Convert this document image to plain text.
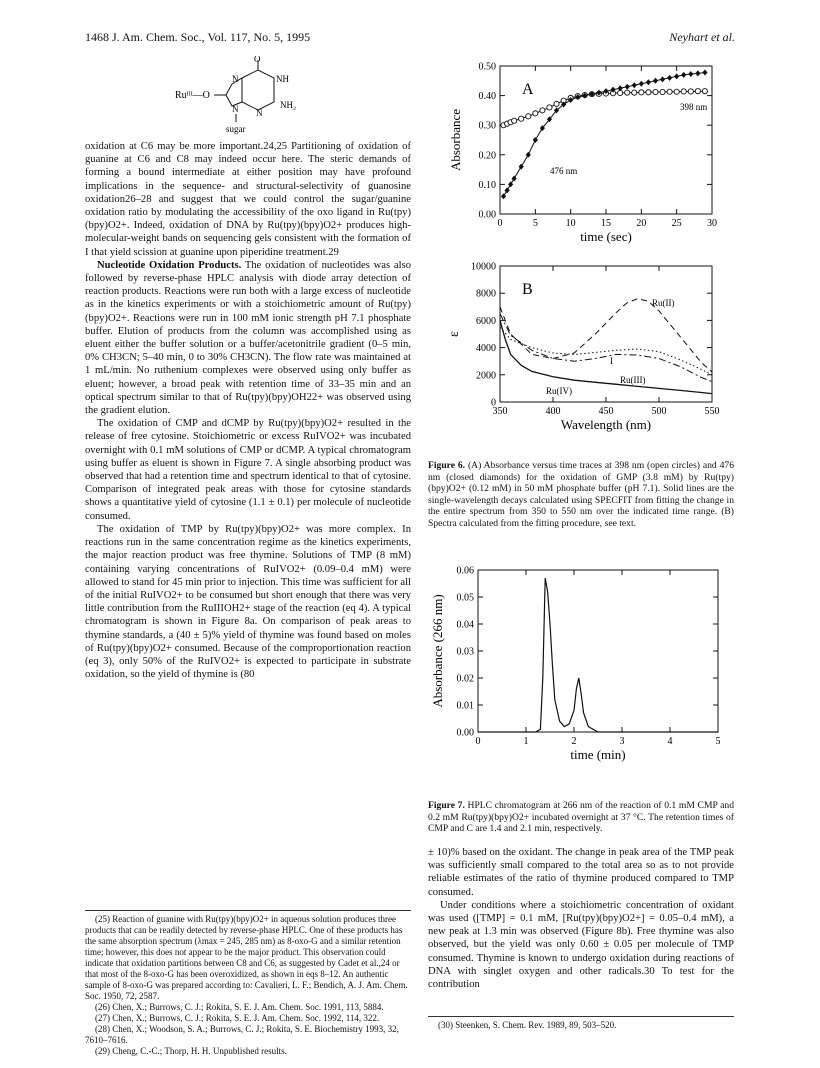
1468 J. Am. Chem. Soc., Vol. 117, No. 5, 1995	Neyhart et al.
Ruᴵᴵᴵ—O
O
NH
NH₂
N
N N
sugar

oxidation at C6 may be more important.24,25 Partitioning of oxidation of guanine at C6 and C8 may indeed occur here. The steric demands of forming a bound intermediate at either position may have profound implications in the sequence- and structural-selectivity of guanosine oxidation26–28 and suggest that we could control the sugar/guanine oxidation ratio by modulating the accessibility of the oxo ligand in Ru(tpy)(bpy)O2+. Indeed, oxidation of DNA by Ru(tpy)(bpy)O2+ produces high-molecular-weight bands on sequencing gels consistent with the formation of I that yield scission at guanine upon piperidine treatment.29

Nucleotide Oxidation Products. The oxidation of nucleotides was also followed by reverse-phase HPLC analysis with diode array detection of reaction products. Reactions were run both with a large excess of nucleotide as in the kinetics experiments or with a stoichiometric amount of Ru(tpy)(bpy)O2+. Reactions were run in 100 mM ionic strength pH 7.1 phosphate buffer. Elution of products from the column was accomplished using as eluent either the buffer solution or a buffer/acetonitrile gradient (0–5 min, 0% CH3CN; 5–40 min, 0 to 30% CH3CN). The flow rate was maintained at 1 mL/min. No ruthenium complexes were observed using only buffer as eluent; however, a broad peak with retention time of 33–35 min and an optical spectrum similar to that of Ru(tpy)(bpy)OH22+ was observed using the gradient elution.

The oxidation of CMP and dCMP by Ru(tpy)(bpy)O2+ resulted in the release of free cytosine. Stoichiometric or excess RuIVO2+ was incubated overnight with 0.1 mM solutions of CMP or dCMP. A typical chromatogram using buffer as eluent is shown in Figure 7. A single absorbing product was observed that had a retention time and spectrum identical to that of cytosine. Comparison of integrated peak areas with those for cytosine standards shows a quantitative yield of cytosine (1.1 ± 0.1) per molecule of nucleotide consumed.

The oxidation of TMP by Ru(tpy)(bpy)O2+ was more complex. In reactions run in the same concentration regime as the kinetics experiments, the major reaction product was free thymine. Solutions of TMP (8 mM) containing varying concentrations of RuIVO2+ (0.09–0.4 mM) were allowed to stand for 45 min prior to injection. This time was sufficient for all of the initial RuIVO2+ to be consumed but short enough that there was very little contribution from the RuIIIOH2+ stage of the reaction (eq 4). A typical chromatogram is shown in Figure 8a. On comparison of peak areas to thymine standards, a (40 ± 5)% yield of thymine was found based on moles of Ru(tpy)(bpy)O2+ consumed. Because of the comproportionation reaction (eq 3), only 50% of the RuIVO2+ is expected to participate in substrate oxidation, so the yield of thymine is (80

(25) Reaction of guanine with Ru(tpy)(bpy)O2+ in aqueous solution produces three products that can be readily detected by reverse-phase HPLC. One of these products has the same absorption spectrum (λmax = 245, 285 nm) as 8-oxo-G and a similar retention time; however, this does not appear to be the major product. This observation could indicate that oxidation partitions between C8 and C6, as suggested by Cadet et al.,24 or that most of the 8-oxo-G has been overoxidized, as shown in eqs 8–12. An authentic sample of 8-oxo-G was prepared according to: Cavalieri, L. F.; Bendich, A. J. Am. Chem. Soc. 1950, 72, 2587.

(26) Chen, X.; Burrows, C. J.; Rokita, S. E. J. Am. Chem. Soc. 1991, 113, 5884.

(27) Chen, X.; Burrows, C. J.; Rokita, S. E. J. Am. Chem. Soc. 1992, 114, 322.

(28) Chen, X.; Woodson, S. A.; Burrows, C. J.; Rokita, S. E. Biochemistry 1993, 32, 7610–7616.

(29) Cheng, C.-C.; Thorp, H. H. Unpublished results.

0	5	10	15	20	25	30
0.00
0.10
0.20
0.30
0.40
0.50
time (sec)
Absorbance
A
398 nm
476 nm
350	400	450	500	550
0
2000
4000
6000
8000
10000
Wavelength (nm)
ε
B
Ru(II)
I
Ru(III)
Ru(IV)
Figure 6. (A) Absorbance versus time traces at 398 nm (open circles) and 476 nm (closed diamonds) for the oxidation of GMP (3.8 mM) by Ru(tpy)(bpy)O2+ (0.12 mM) in 50 mM phosphate buffer (pH 7.1). Solid lines are the single-wavelength decays calculated using SPECFIT from fitting the change in the entire spectrum from 350 to 550 nm over the indicated time range. (B) Spectra calculated from the fitting procedure, see text.
0	1	2	3	4	5
0.00
0.01
0.02
0.03
0.04
0.05
0.06
time (min)
Absorbance (266 nm)
Figure 7. HPLC chromatogram at 266 nm of the reaction of 0.1 mM CMP and 0.2 mM Ru(tpy)(bpy)O2+ incubated overnight at 37 °C. The retention times of CMP and C are 1.4 and 2.1 min, respectively.

± 10)% based on the oxidant. The change in peak area of the TMP peak was sufficiently small compared to the total area so as to not provide reliable estimates of the ratio of thymine produced compared to TMP consumed.

Under conditions where a stoichiometric concentration of oxidant was used ([TMP] = 0.1 mM, [Ru(tpy)(bpy)O2+] = 0.05–0.4 mM), a new peak at 1.3 min was observed (Figure 8b). Free thymine was also observed, but the yield was only 0.60 ± 0.05 per molecule of TMP consumed. Thymine is known to undergo oxidation during reactions of DNA with singlet oxygen and other radicals.30 To test for the contribution

(30) Steenken, S. Chem. Rev. 1989, 89, 503–520.
